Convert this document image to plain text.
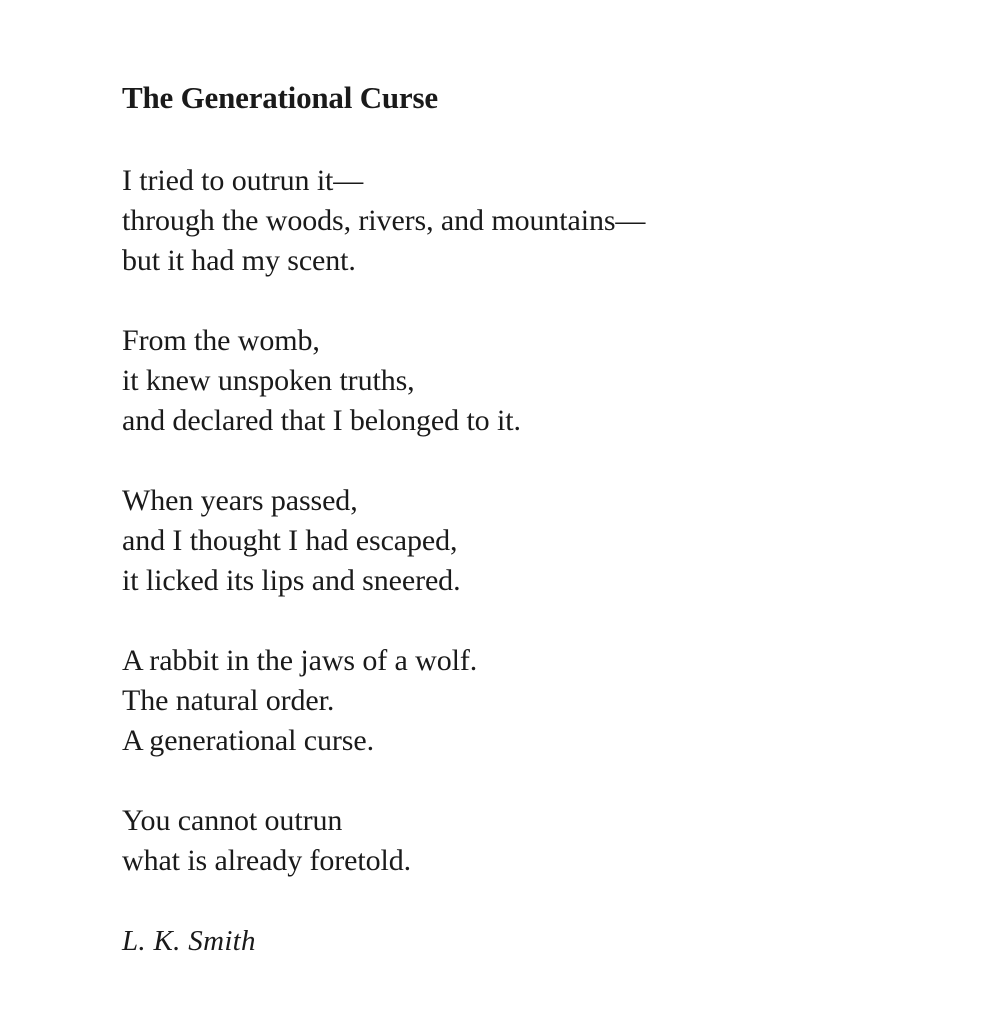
The Generational Curse
I tried to outrun it—
through the woods, rivers, and mountains—
but it had my scent.
From the womb,
it knew unspoken truths,
and declared that I belonged to it.
When years passed,
and I thought I had escaped,
it licked its lips and sneered.
A rabbit in the jaws of a wolf.
The natural order.
A generational curse.
You cannot outrun
what is already foretold.
L. K. Smith
